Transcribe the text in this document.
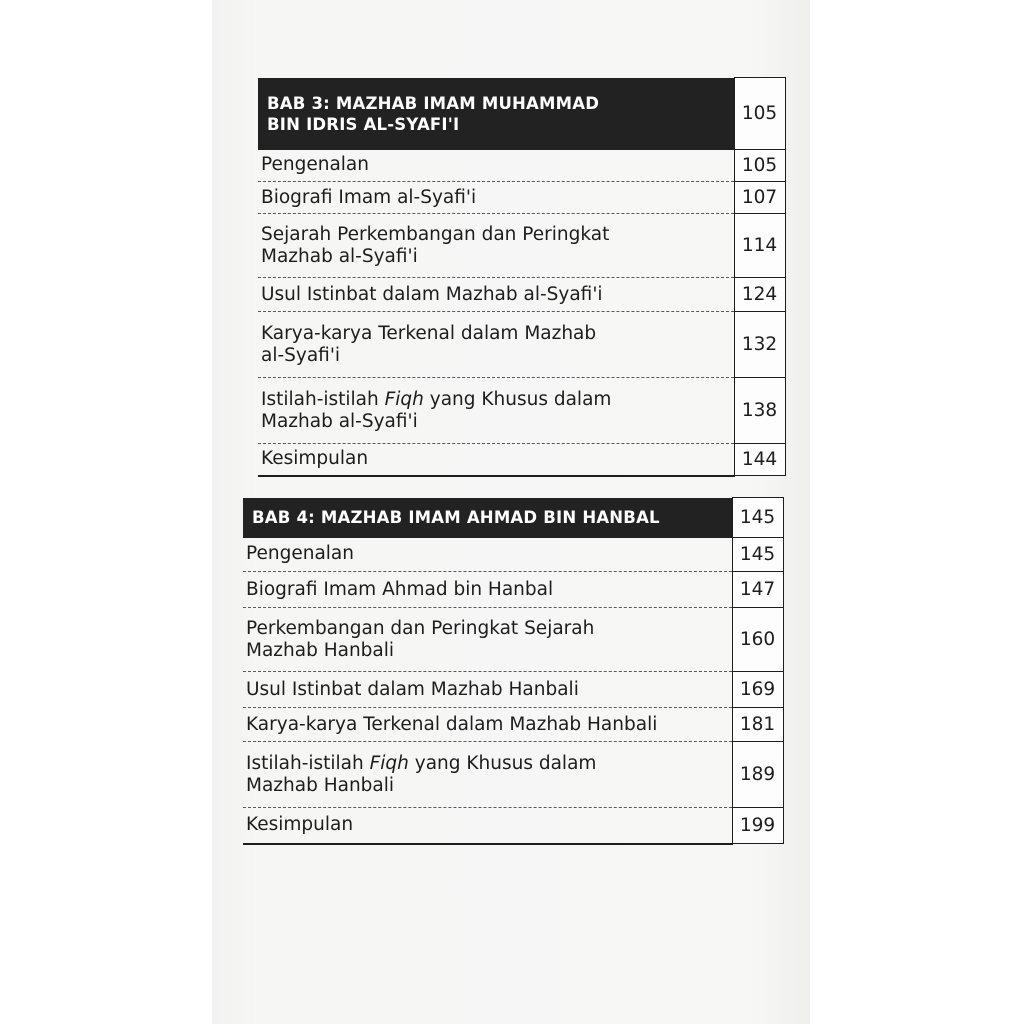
BAB 3: MAZHAB IMAM MUHAMMAD
BIN IDRIS AL-SYAFI'I	105
Pengenalan	105
Biografi Imam al-Syafi'i	107

Sejarah Perkembangan dan Peringkat
Mazhab al-Syafi'i	114
Usul Istinbat dalam Mazhab al-Syafi'i	124

Karya-karya Terkenal dalam Mazhab
al-Syafi'i	132

Istilah-istilah Fiqh yang Khusus dalam
Mazhab al-Syafi'i	138
Kesimpulan	144
BAB 4: MAZHAB IMAM AHMAD BIN HANBAL	145
Pengenalan	145
Biografi Imam Ahmad bin Hanbal	147

Perkembangan dan Peringkat Sejarah
Mazhab Hanbali	160
Usul Istinbat dalam Mazhab Hanbali	169
Karya-karya Terkenal dalam Mazhab Hanbali	181

Istilah-istilah Fiqh yang Khusus dalam
Mazhab Hanbali	189
Kesimpulan	199
